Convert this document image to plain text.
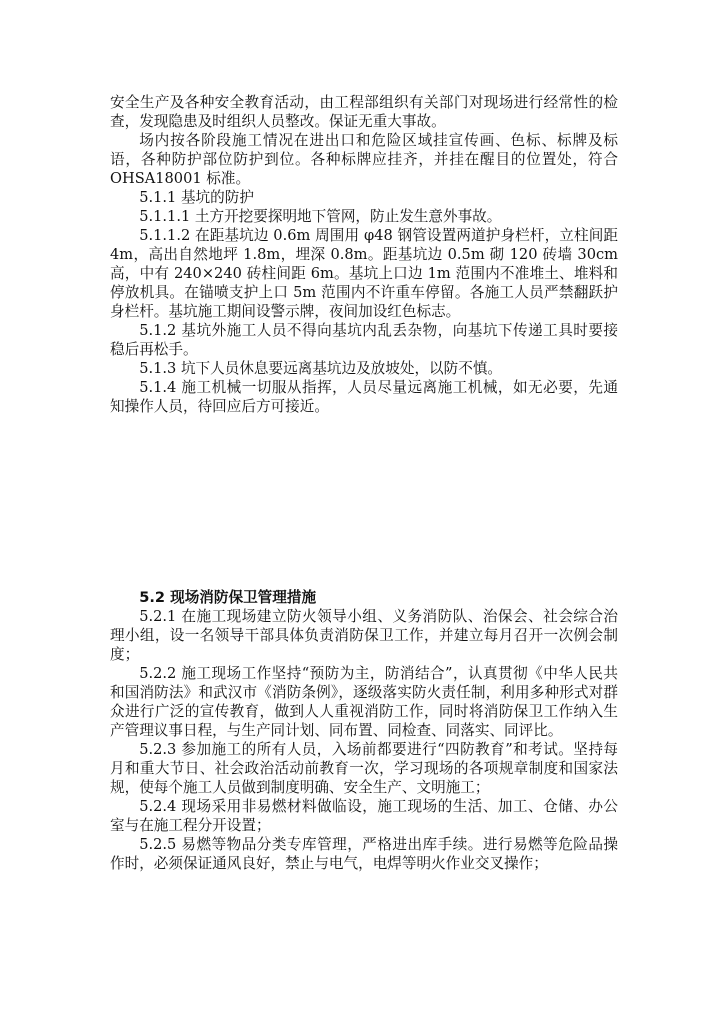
安全生产及各种安全教育活动，由工程部组织有关部门对现场进行经常性的检查，发现隐患及时组织人员整改。保证无重大事故。

场内按各阶段施工情况在进出口和危险区域挂宣传画、色标、标牌及标语，各种防护部位防护到位。各种标牌应挂齐，并挂在醒目的位置处，符合 OHSA18001 标准。

5.1.1 基坑的防护

5.1.1.1 土方开挖要探明地下管网，防止发生意外事故。

5.1.1.2 在距基坑边 0.6m 周围用 φ48 钢管设置两道护身栏杆，立柱间距 4m，高出自然地坪 1.8m，埋深 0.8m。距基坑边 0.5m 砌 120 砖墙 30cm 高，中有 240×240 砖柱间距 6m。基坑上口边 1m 范围内不准堆土、堆料和停放机具。在锚喷支护上口 5m 范围内不许重车停留。各施工人员严禁翻跃护身栏杆。基坑施工期间设警示牌，夜间加设红色标志。

5.1.2 基坑外施工人员不得向基坑内乱丢杂物，向基坑下传递工具时要接稳后再松手。

5.1.3 坑下人员休息要远离基坑边及放坡处，以防不慎。

5.1.4 施工机械一切服从指挥，人员尽量远离施工机械，如无必要，先通知操作人员，待回应后方可接近。

5.2 现场消防保卫管理措施

5.2.1 在施工现场建立防火领导小组、义务消防队、治保会、社会综合治理小组，设一名领导干部具体负责消防保卫工作，并建立每月召开一次例会制度；

5.2.2 施工现场工作坚持“预防为主，防消结合”，认真贯彻《中华人民共和国消防法》和武汉市《消防条例》，逐级落实防火责任制，利用多种形式对群众进行广泛的宣传教育，做到人人重视消防工作，同时将消防保卫工作纳入生产管理议事日程，与生产同计划、同布置、同检查、同落实、同评比。

5.2.3 参加施工的所有人员，入场前都要进行“四防教育”和考试。坚持每月和重大节日、社会政治活动前教育一次，学习现场的各项规章制度和国家法规，使每个施工人员做到制度明确、安全生产、文明施工；

5.2.4 现场采用非易燃材料做临设，施工现场的生活、加工、仓储、办公室与在施工程分开设置；

5.2.5 易燃等物品分类专库管理，严格进出库手续。进行易燃等危险品操作时，必须保证通风良好，禁止与电气，电焊等明火作业交叉操作；
